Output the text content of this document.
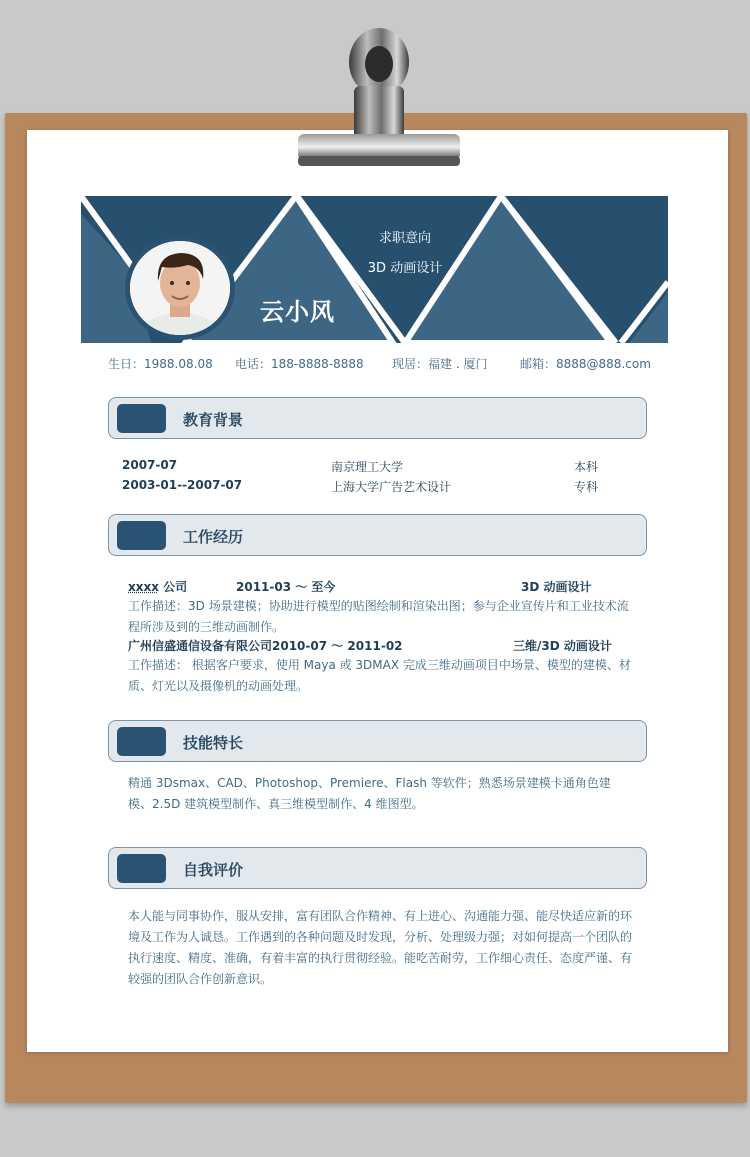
云小风
求职意向
3D 动画设计
生日：1988.08.08 电话：188-8888-8888 现居：福建 . 厦门	邮箱：8888@888.com
教育背景
2007-07	南京理工大学	本科
2003-01--2007-07	上海大学广告艺术设计	专科
工作经历
xxxx 公司	2011-03 ～ 至今	3D 动画设计
工作描述：3D 场景建模；协助进行模型的贴图绘制和渲染出图；参与企业宣传片和工业技术流程所涉及到的三维动画制作。
广州信盛通信设备有限公司 2010-07 ～ 2011-02	三维/3D 动画设计
工作描述： 根据客户要求，使用 Maya 或 3DMAX 完成三维动画项目中场景、模型的建模、材质、灯光以及摄像机的动画处理。
技能特长
精通 3Dsmax、CAD、Photoshop、Premiere、Flash 等软件；熟悉场景建模卡通角色建模、2.5D 建筑模型制作、真三维模型制作、4 维图型。
自我评价
本人能与同事协作，服从安排，富有团队合作精神、有上进心、沟通能力强、能尽快适应新的环境及工作为人诚恳。工作遇到的各种问题及时发现，分析、处理级力强；对如何提高一个团队的执行速度、精度、准确，有着丰富的执行贯彻经验。能吃苦耐劳，工作细心责任、态度严谨、有较强的团队合作创新意识。
